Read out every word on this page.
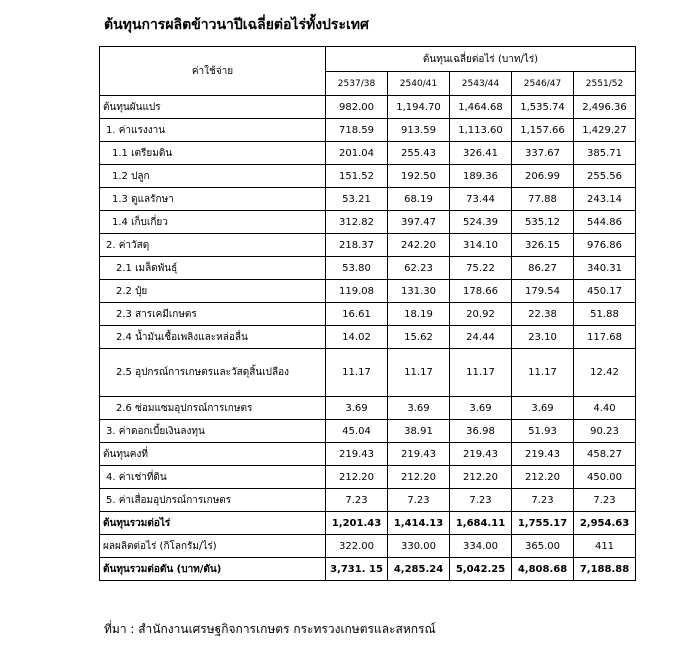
ต้นทุนการผลิตข้าวนาปีเฉลี่ยต่อไร่ทั้งประเทศ
ค่าใช้จ่าย	ต้นทุนเฉลี่ยต่อไร่ (บาท/ไร่)				
	2537/38	2540/41	2543/44	2546/47	2551/52
ต้นทุนผันแปร	982.00	1,194.70	1,464.68	1,535.74	2,496.36
1. ค่าแรงงาน	718.59	913.59	1,113.60	1,157.66	1,429.27
1.1 เตรียมดิน	201.04	255.43	326.41	337.67	385.71
1.2 ปลูก	151.52	192.50	189.36	206.99	255.56
1.3 ดูแลรักษา	53.21	68.19	73.44	77.88	243.14
1.4 เก็บเกี่ยว	312.82	397.47	524.39	535.12	544.86
2. ค่าวัสดุ	218.37	242.20	314.10	326.15	976.86
2.1 เมล็ดพันธุ์	53.80	62.23	75.22	86.27	340.31
2.2 ปุ๋ย	119.08	131.30	178.66	179.54	450.17
2.3 สารเคมีเกษตร	16.61	18.19	20.92	22.38	51.88
2.4 น้ำมันเชื้อเพลิงและหล่อลื่น	14.02	15.62	24.44	23.10	117.68
2.5 อุปกรณ์การเกษตรและวัสดุสิ้นเปลือง	11.17	11.17	11.17	11.17	12.42
2.6 ซ่อมแซมอุปกรณ์การเกษตร	3.69	3.69	3.69	3.69	4.40
3. ค่าดอกเบี้ยเงินลงทุน	45.04	38.91	36.98	51.93	90.23
ต้นทุนคงที่	219.43	219.43	219.43	219.43	458.27
4. ค่าเช่าที่ดิน	212.20	212.20	212.20	212.20	450.00
5. ค่าเสื่อมอุปกรณ์การเกษตร	7.23	7.23	7.23	7.23	7.23
ต้นทุนรวมต่อไร่	1,201.43	1,414.13	1,684.11	1,755.17	2,954.63
ผลผลิตต่อไร่ (กิโลกรัม/ไร่)	322.00	330.00	334.00	365.00	411
ต้นทุนรวมต่อตัน (บาท/ตัน)	3,731. 15	4,285.24	5,042.25	4,808.68	7,188.88
ที่มา : สำนักงานเศรษฐกิจการเกษตร กระทรวงเกษตรและสหกรณ์
